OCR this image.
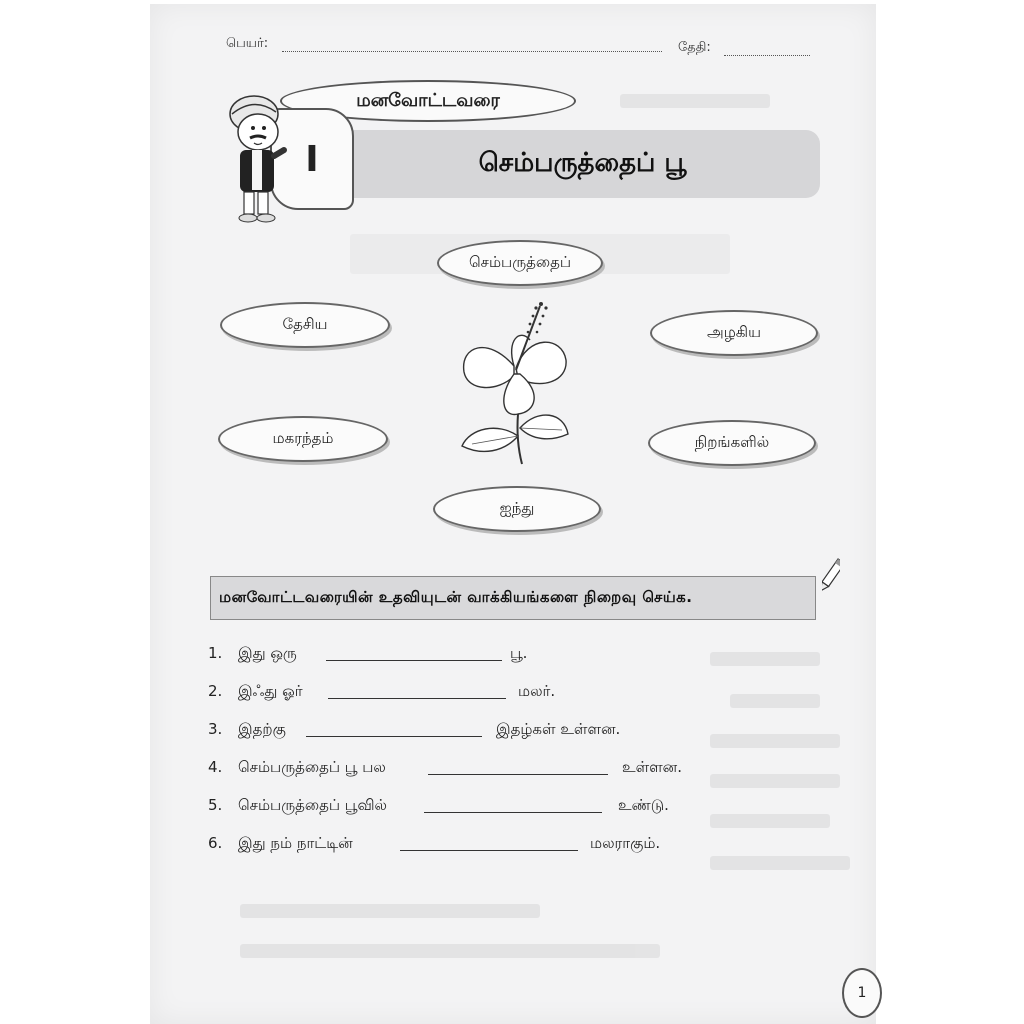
பெயர்:	தேதி:
மனவோட்டவரை
செம்பருத்தைப் பூ
I
செம்பருத்தைப்
தேசிய	அழகிய
மகரந்தம்	நிறங்களில்
ஐந்து
மனவோட்டவரையின் உதவியுடன் வாக்கியங்களை நிறைவு செய்க.
1. இது ஒரு	பூ.
2. இஃது ஓர்	மலர்.
3. இதற்கு	இதழ்கள் உள்ளன.
4. செம்பருத்தைப் பூ பல	உள்ளன.
5. செம்பருத்தைப் பூவில்	உண்டு.
6. இது நம் நாட்டின்	மலராகும்.
1
